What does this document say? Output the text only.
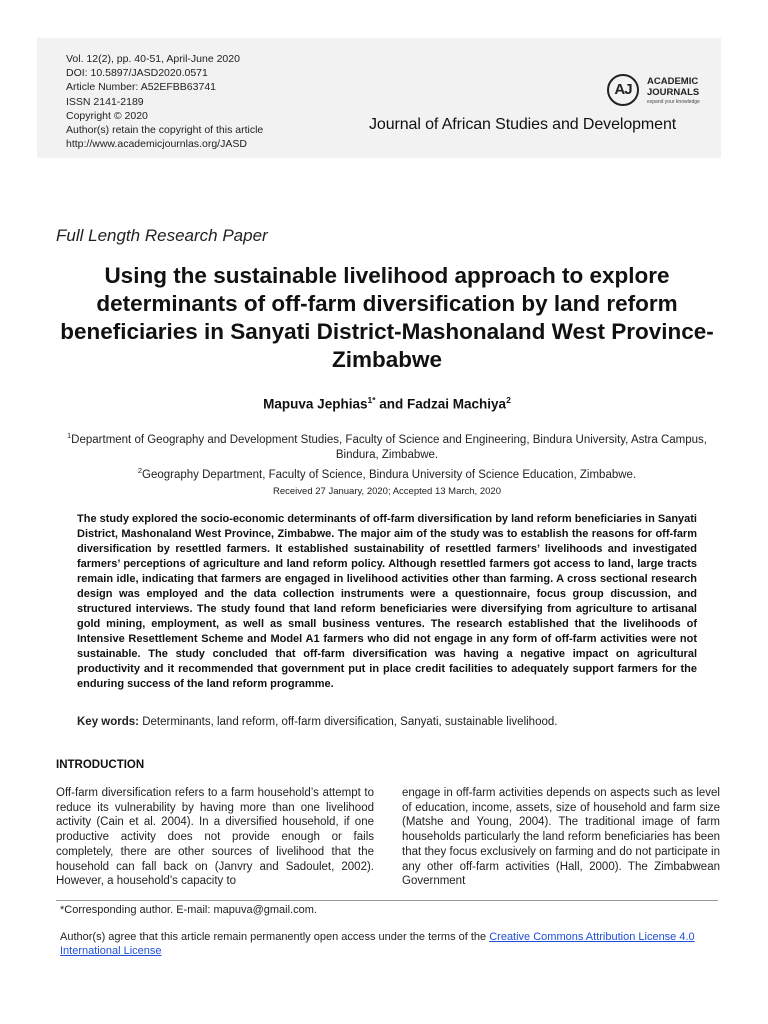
Vol. 12(2), pp. 40-51, April-June 2020
DOI: 10.5897/JASD2020.0571
Article Number: A52EFBB63741
ISSN 2141-2189
Copyright © 2020
Author(s) retain the copyright of this article
http://www.academicjournlas.org/JASD
AJ	ACADEMIC
JOURNALS
expand your knowledge
Journal of African Studies and Development
Full Length Research Paper
Using the sustainable livelihood approach to explore determinants of off-farm diversification by land reform beneficiaries in Sanyati District-Mashonaland West Province-Zimbabwe
Mapuva Jephias$^{1*}$ and Fadzai Machiya$^2$
$^1$Department of Geography and Development Studies, Faculty of Science and Engineering, Bindura University, Astra Campus, Bindura, Zimbabwe.
$^2$Geography Department, Faculty of Science, Bindura University of Science Education, Zimbabwe.
Received 27 January, 2020; Accepted 13 March, 2020
The study explored the socio-economic determinants of off-farm diversification by land reform beneficiaries in Sanyati District, Mashonaland West Province, Zimbabwe. The major aim of the study was to establish the reasons for off-farm diversification by resettled farmers. It established sustainability of resettled farmers’ livelihoods and investigated farmers’ perceptions of agriculture and land reform policy. Although resettled farmers got access to land, large tracts remain idle, indicating that farmers are engaged in livelihood activities other than farming. A cross sectional research design was employed and the data collection instruments were a questionnaire, focus group discussion, and structured interviews. The study found that land reform beneficiaries were diversifying from agriculture to artisanal gold mining, employment, as well as small business ventures. The research established that the livelihoods of Intensive Resettlement Scheme and Model A1 farmers who did not engage in any form of off-farm activities were not sustainable. The study concluded that off-farm diversification was having a negative impact on agricultural productivity and it recommended that government put in place credit facilities to adequately support farmers for the enduring success of the land reform programme.
Key words: Determinants, land reform, off-farm diversification, Sanyati, sustainable livelihood.
INTRODUCTION
Off-farm diversification refers to a farm household’s attempt to reduce its vulnerability by having more than one livelihood activity (Cain et al. 2004). In a diversified household, if one productive activity does not provide enough or fails completely, there are other sources of livelihood that the household can fall back on (Janvry and Sadoulet, 2002). However, a household’s capacity to
engage in off-farm activities depends on aspects such as level of education, income, assets, size of household and farm size (Matshe and Young, 2004). The traditional image of farm households particularly the land reform beneficiaries has been that they focus exclusively on farming and do not participate in any other off-farm activities (Hall, 2000). The Zimbabwean Government
*Corresponding author. E-mail: mapuva@gmail.com.
Author(s) agree that this article remain permanently open access under the terms of the Creative Commons Attribution License 4.0 International License
